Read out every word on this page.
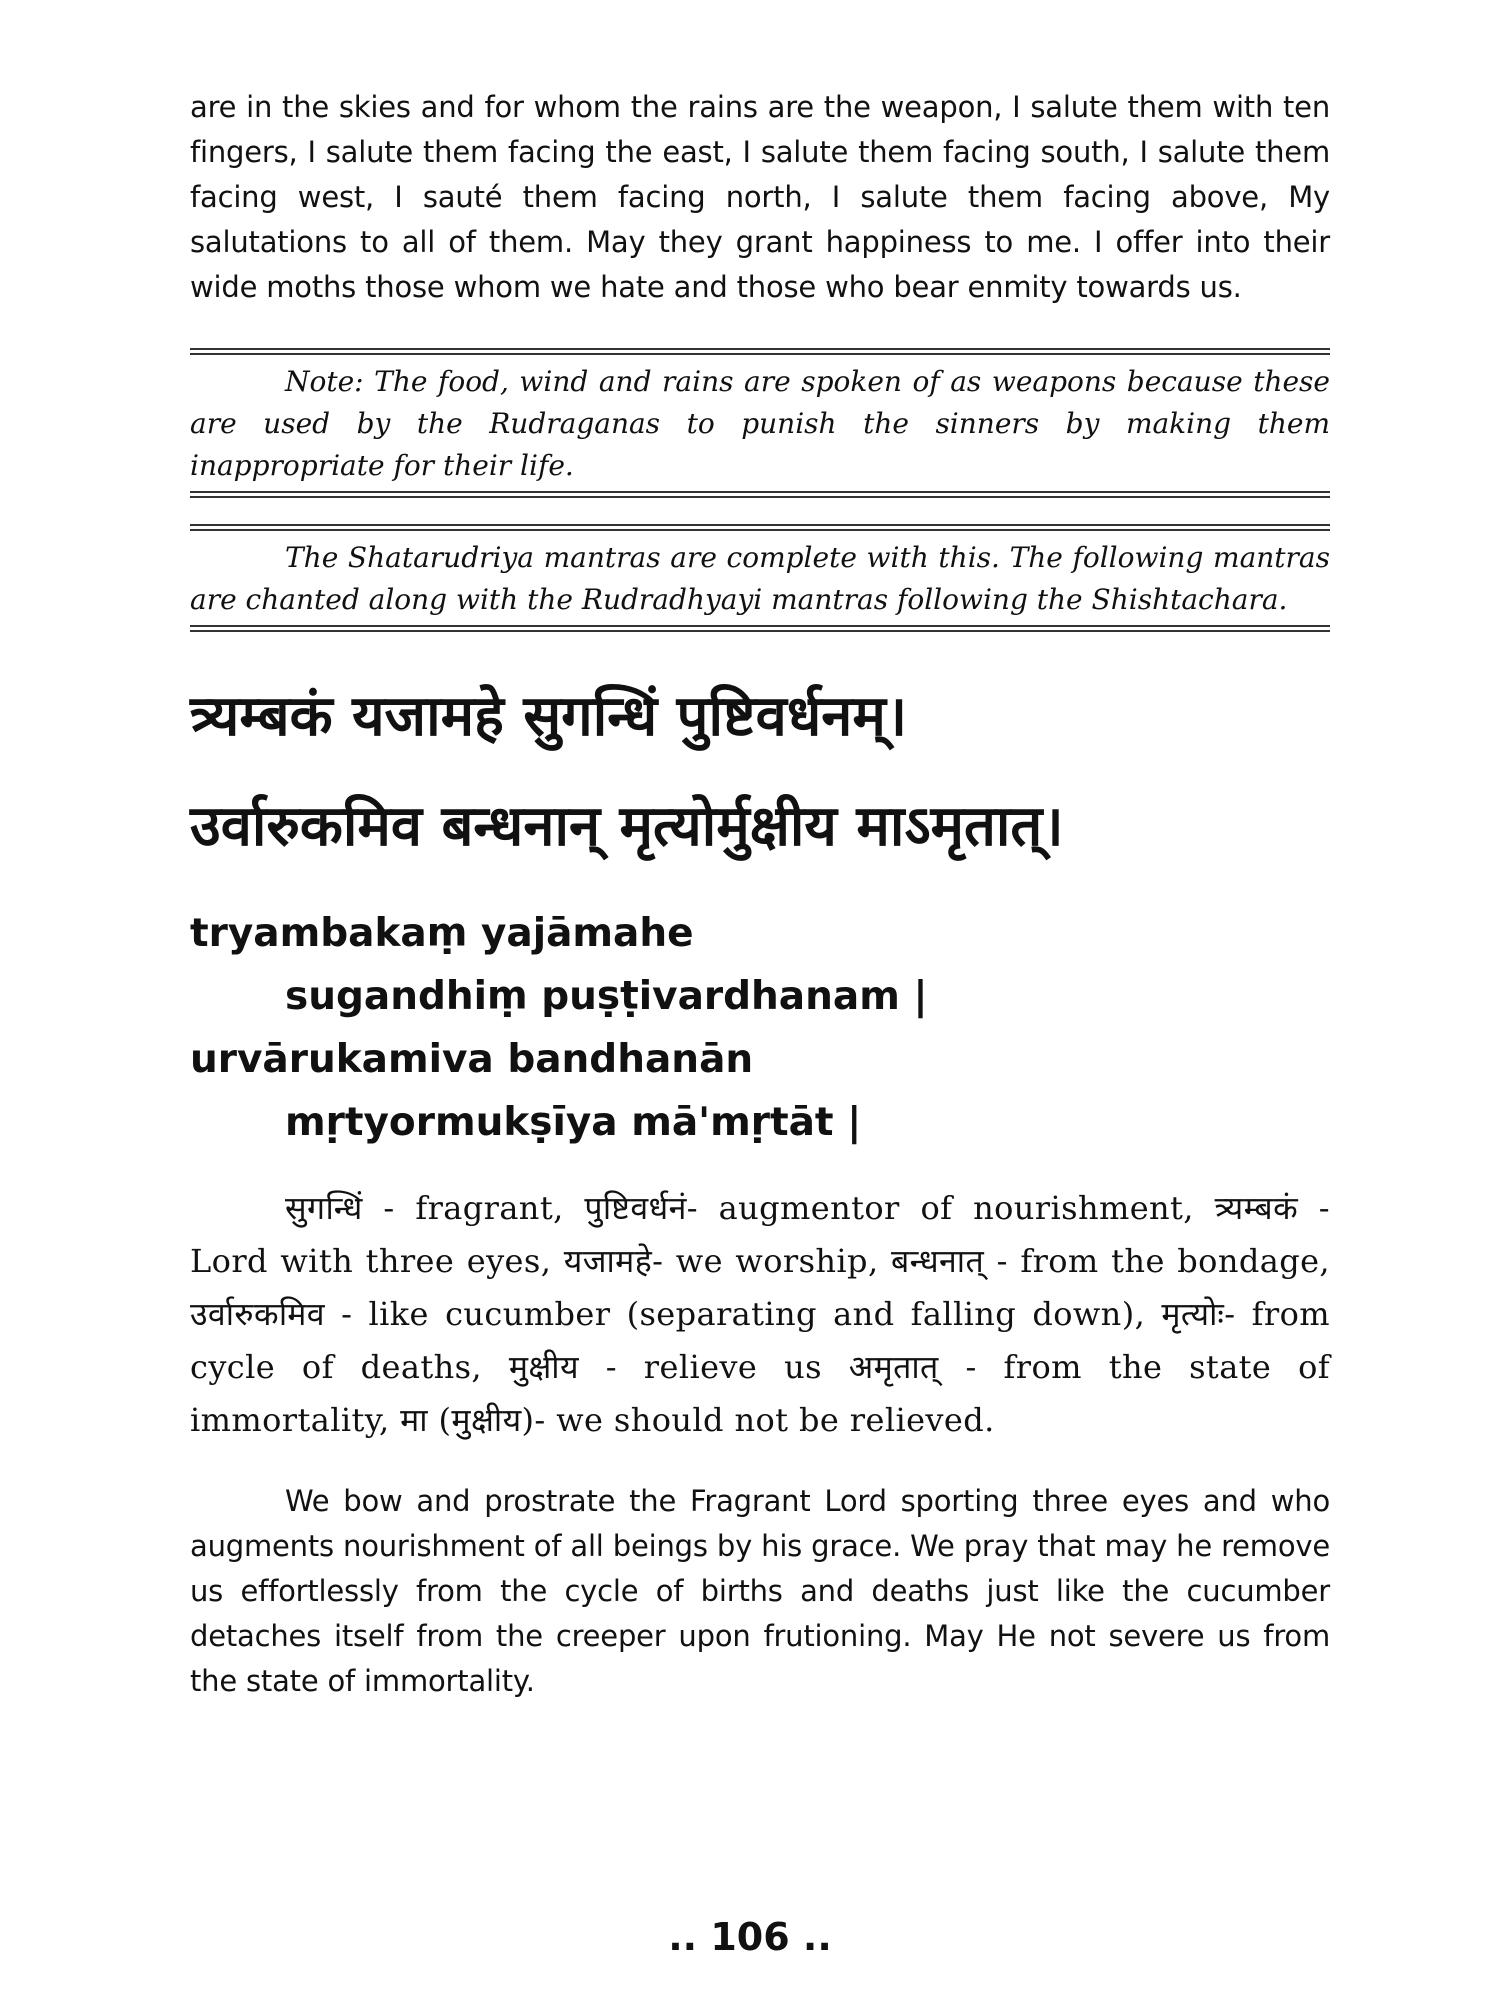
are in the skies and for whom the rains are the weapon, I salute them with ten fingers, I salute them facing the east, I salute them facing south, I salute them facing west, I sauté them facing north, I salute them facing above, My salutations to all of them. May they grant happiness to me. I offer into their wide moths those whom we hate and those who bear enmity towards us.

Note: The food, wind and rains are spoken of as weapons because these are used by the Rudraganas to punish the sinners by making them inappropriate for their life.

The Shatarudriya mantras are complete with this. The following mantras are chanted along with the Rudradhyayi mantras following the Shishtachara.

त्र्यम्बकं यजामहे सुगन्धिं पुष्टिवर्धनम्।
उर्वारुकमिव बन्धनान् मृत्योर्मुक्षीय माऽमृतात्।
tryambakaṃ yajāmahe
sugandhiṃ puṣṭivardhanam |
urvārukamiva bandhanān
mṛtyormukṣīya mā'mṛtāt |

सुगन्धिं - fragrant, पुष्टिवर्धनं- augmentor of nourishment, त्र्यम्बकं - Lord with three eyes, यजामहे- we worship, बन्धनात् - from the bondage, उर्वारुकमिव - like cucumber (separating and falling down), मृत्योः- from cycle of deaths, मुक्षीय - relieve us अमृतात् - from the state of immortality, मा (मुक्षीय)- we should not be relieved.

We bow and prostrate the Fragrant Lord sporting three eyes and who augments nourishment of all beings by his grace. We pray that may he remove us effortlessly from the cycle of births and deaths just like the cucumber detaches itself from the creeper upon frutioning. May He not severe us from the state of immortality.

.. 106 ..
